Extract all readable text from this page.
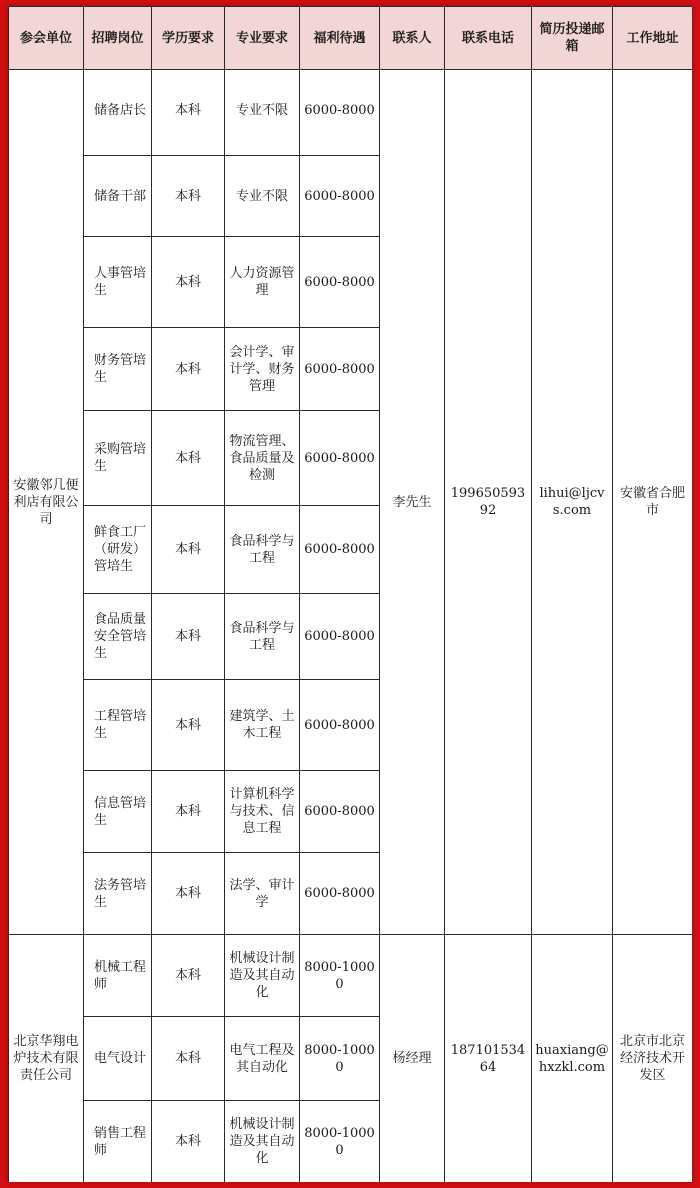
参会单位	招聘岗位	学历要求	专业要求	福利待遇	联系人	联系电话	简历投递邮箱	工作地址
安徽邻几便利店有限公司	储备店长	本科	专业不限	6000-8000	李先生	19965059392	lihui@ljcvs.com	安徽省合肥市
	储备干部	本科	专业不限	6000-8000				
	人事管培生	本科	人力资源管理	6000-8000				
	财务管培生	本科	会计学、审计学、财务管理	6000-8000				
	采购管培生	本科	物流管理、食品质量及检测	6000-8000				
	鲜食工厂（研发）管培生	本科	食品科学与工程	6000-8000				
	食品质量安全管培生	本科	食品科学与工程	6000-8000				
	工程管培生	本科	建筑学、土木工程	6000-8000				
	信息管培生	本科	计算机科学与技术、信息工程	6000-8000				
	法务管培生	本科	法学、审计学	6000-8000				
北京华翔电炉技术有限责任公司	机械工程师	本科	机械设计制造及其自动化	8000-10000	杨经理	18710153464	huaxiang@hxzkl.com	北京市北京经济技术开发区
	电气设计	本科	电气工程及其自动化	8000-10000				
	销售工程师	本科	机械设计制造及其自动化	8000-10000				
